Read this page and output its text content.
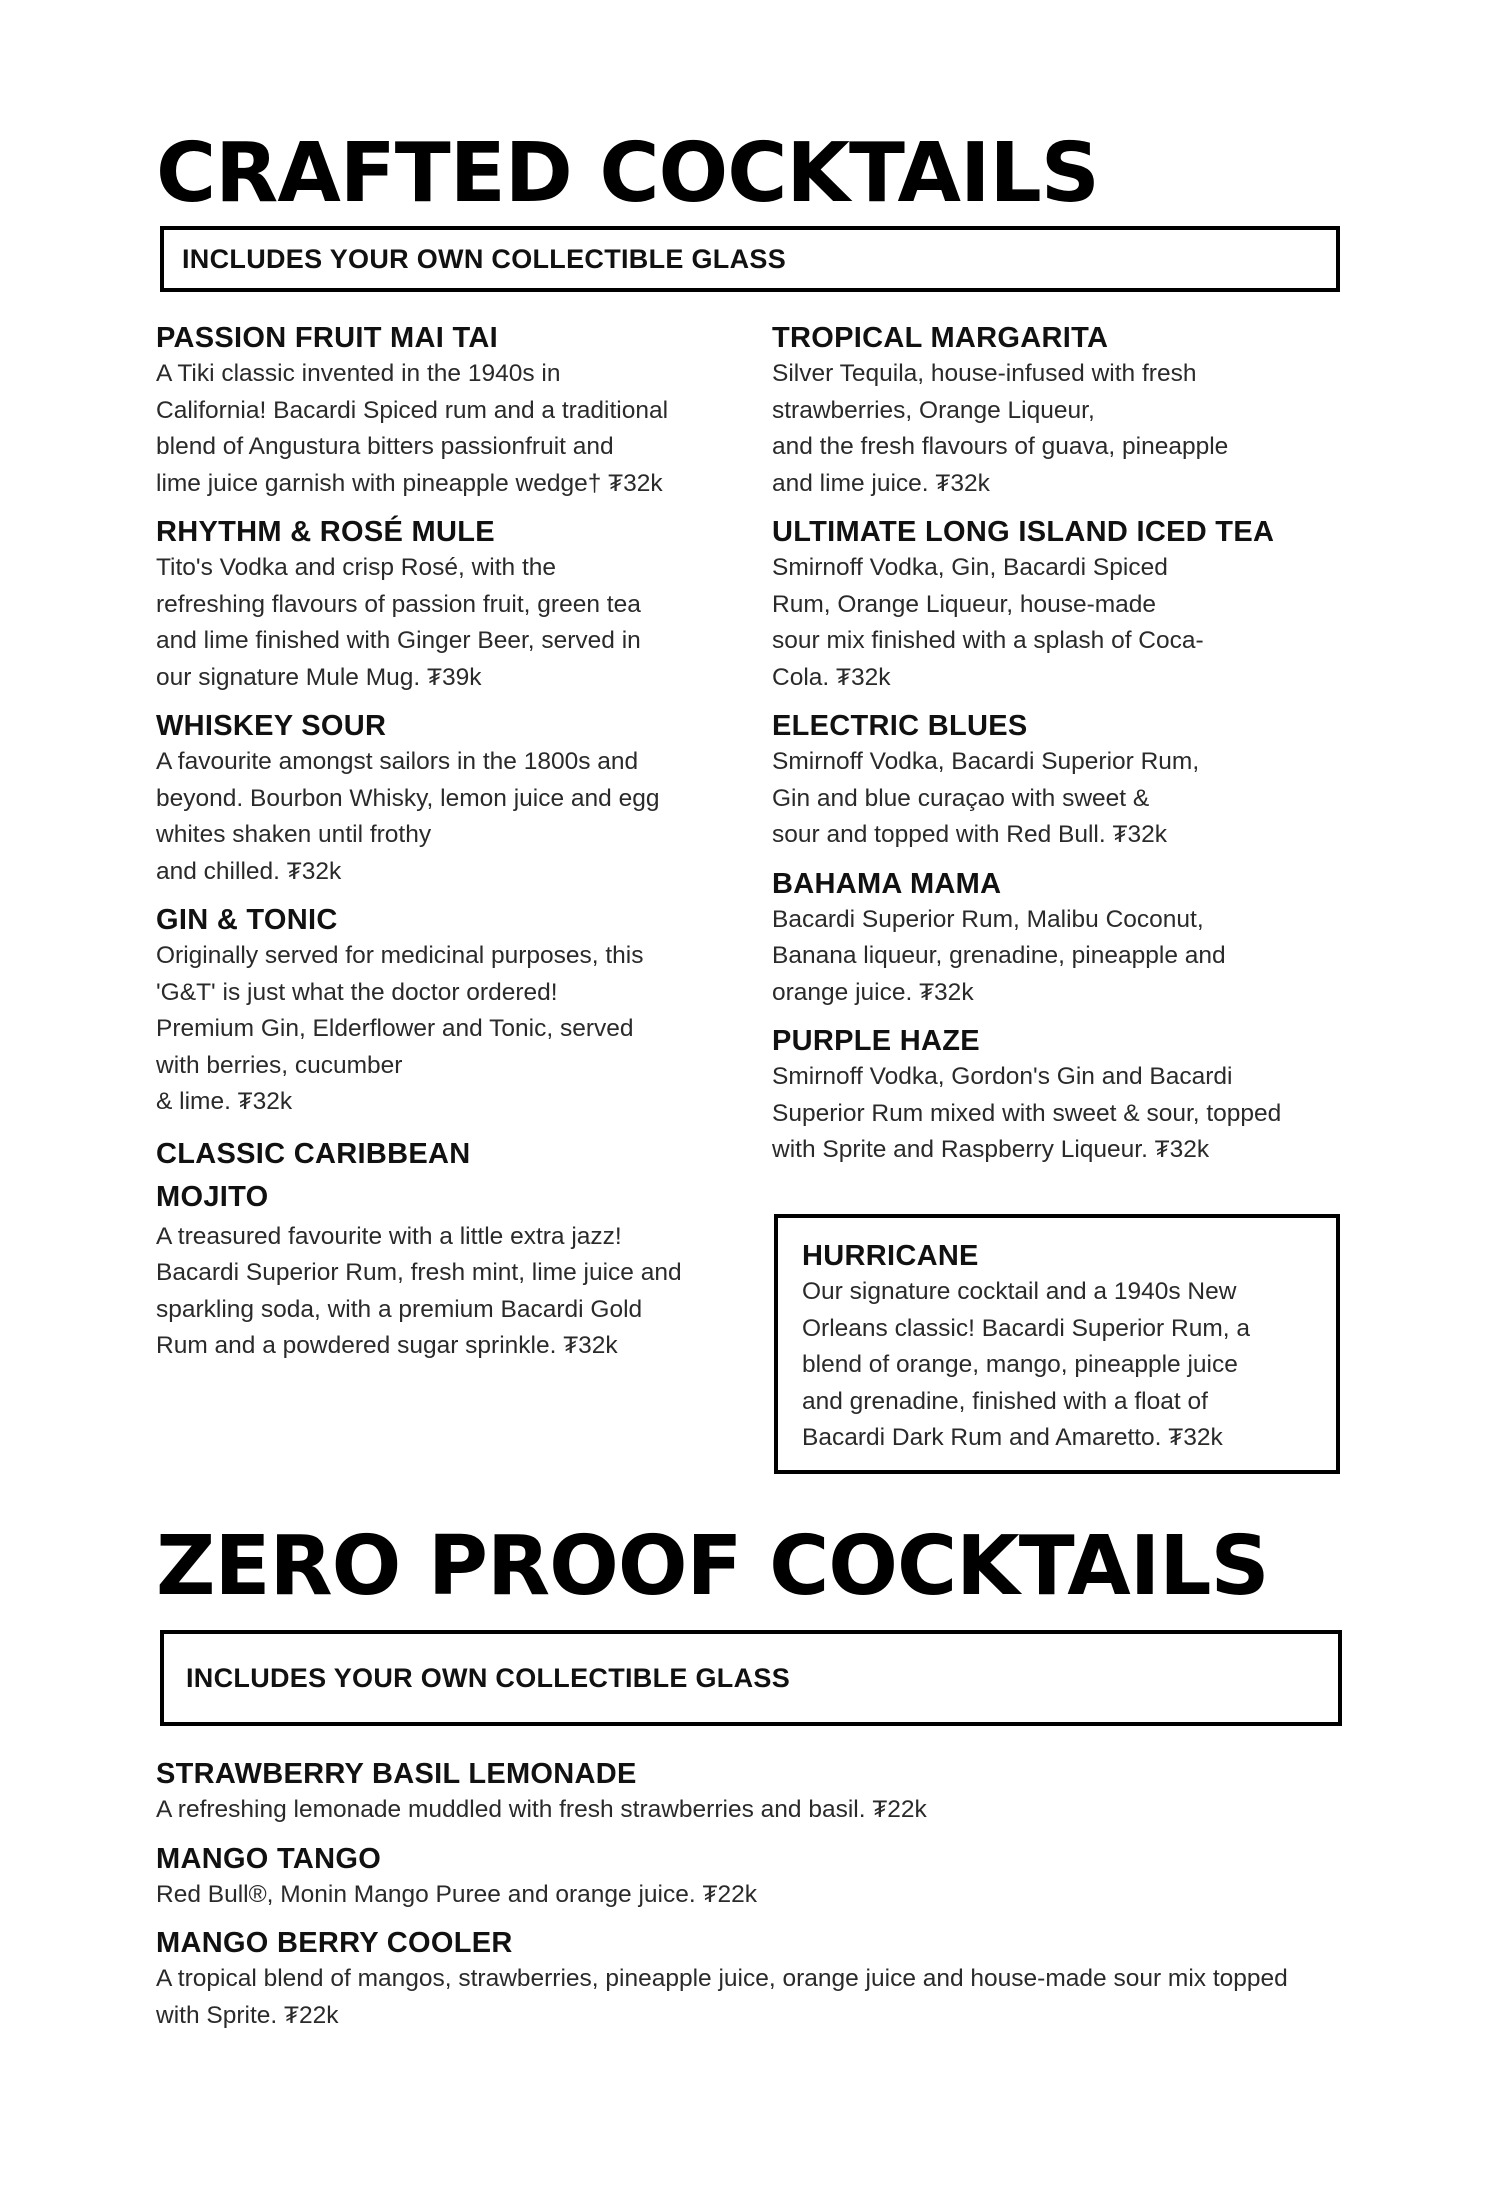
CRAFTED COCKTAILS
INCLUDES YOUR OWN COLLECTIBLE GLASS
PASSION FRUIT MAI TAI
A Tiki classic invented in the 1940s in
California! Bacardi Spiced rum and a traditional
blend of Angustura bitters passionfruit and
lime juice garnish with pineapple wedge† ₮32k
RHYTHM & ROSÉ MULE
Tito's Vodka and crisp Rosé, with the
refreshing flavours of passion fruit, green tea
and lime finished with Ginger Beer, served in
our signature Mule Mug. ₮39k
WHISKEY SOUR
A favourite amongst sailors in the 1800s and
beyond. Bourbon Whisky, lemon juice and egg
whites shaken until frothy
and chilled. ₮32k
GIN & TONIC
Originally served for medicinal purposes, this
'G&T' is just what the doctor ordered!
Premium Gin, Elderflower and Tonic, served
with berries, cucumber
& lime. ₮32k
CLASSIC CARIBBEAN
MOJITO
A treasured favourite with a little extra jazz!
Bacardi Superior Rum, fresh mint, lime juice and
sparkling soda, with a premium Bacardi Gold
Rum and a powdered sugar sprinkle. ₮32k
TROPICAL MARGARITA
Silver Tequila, house-infused with fresh
strawberries, Orange Liqueur,
and the fresh flavours of guava, pineapple
and lime juice. ₮32k
ULTIMATE LONG ISLAND ICED TEA
Smirnoff Vodka, Gin, Bacardi Spiced
Rum, Orange Liqueur, house-made
sour mix finished with a splash of Coca-
Cola. ₮32k
ELECTRIC BLUES
Smirnoff Vodka, Bacardi Superior Rum,
Gin and blue curaçao with sweet &
sour and topped with Red Bull. ₮32k
BAHAMA MAMA
Bacardi Superior Rum, Malibu Coconut,
Banana liqueur, grenadine, pineapple and
orange juice. ₮32k
PURPLE HAZE
Smirnoff Vodka, Gordon's Gin and Bacardi
Superior Rum mixed with sweet & sour, topped
with Sprite and Raspberry Liqueur. ₮32k
HURRICANE
Our signature cocktail and a 1940s New
Orleans classic! Bacardi Superior Rum, a
blend of orange, mango, pineapple juice
and grenadine, finished with a float of
Bacardi Dark Rum and Amaretto. ₮32k
ZERO PROOF COCKTAILS
INCLUDES YOUR OWN COLLECTIBLE GLASS
STRAWBERRY BASIL LEMONADE
A refreshing lemonade muddled with fresh strawberries and basil. ₮22k
MANGO TANGO
Red Bull®, Monin Mango Puree and orange juice. ₮22k
MANGO BERRY COOLER
A tropical blend of mangos, strawberries, pineapple juice, orange juice and house-made sour mix topped with Sprite. ₮22k
